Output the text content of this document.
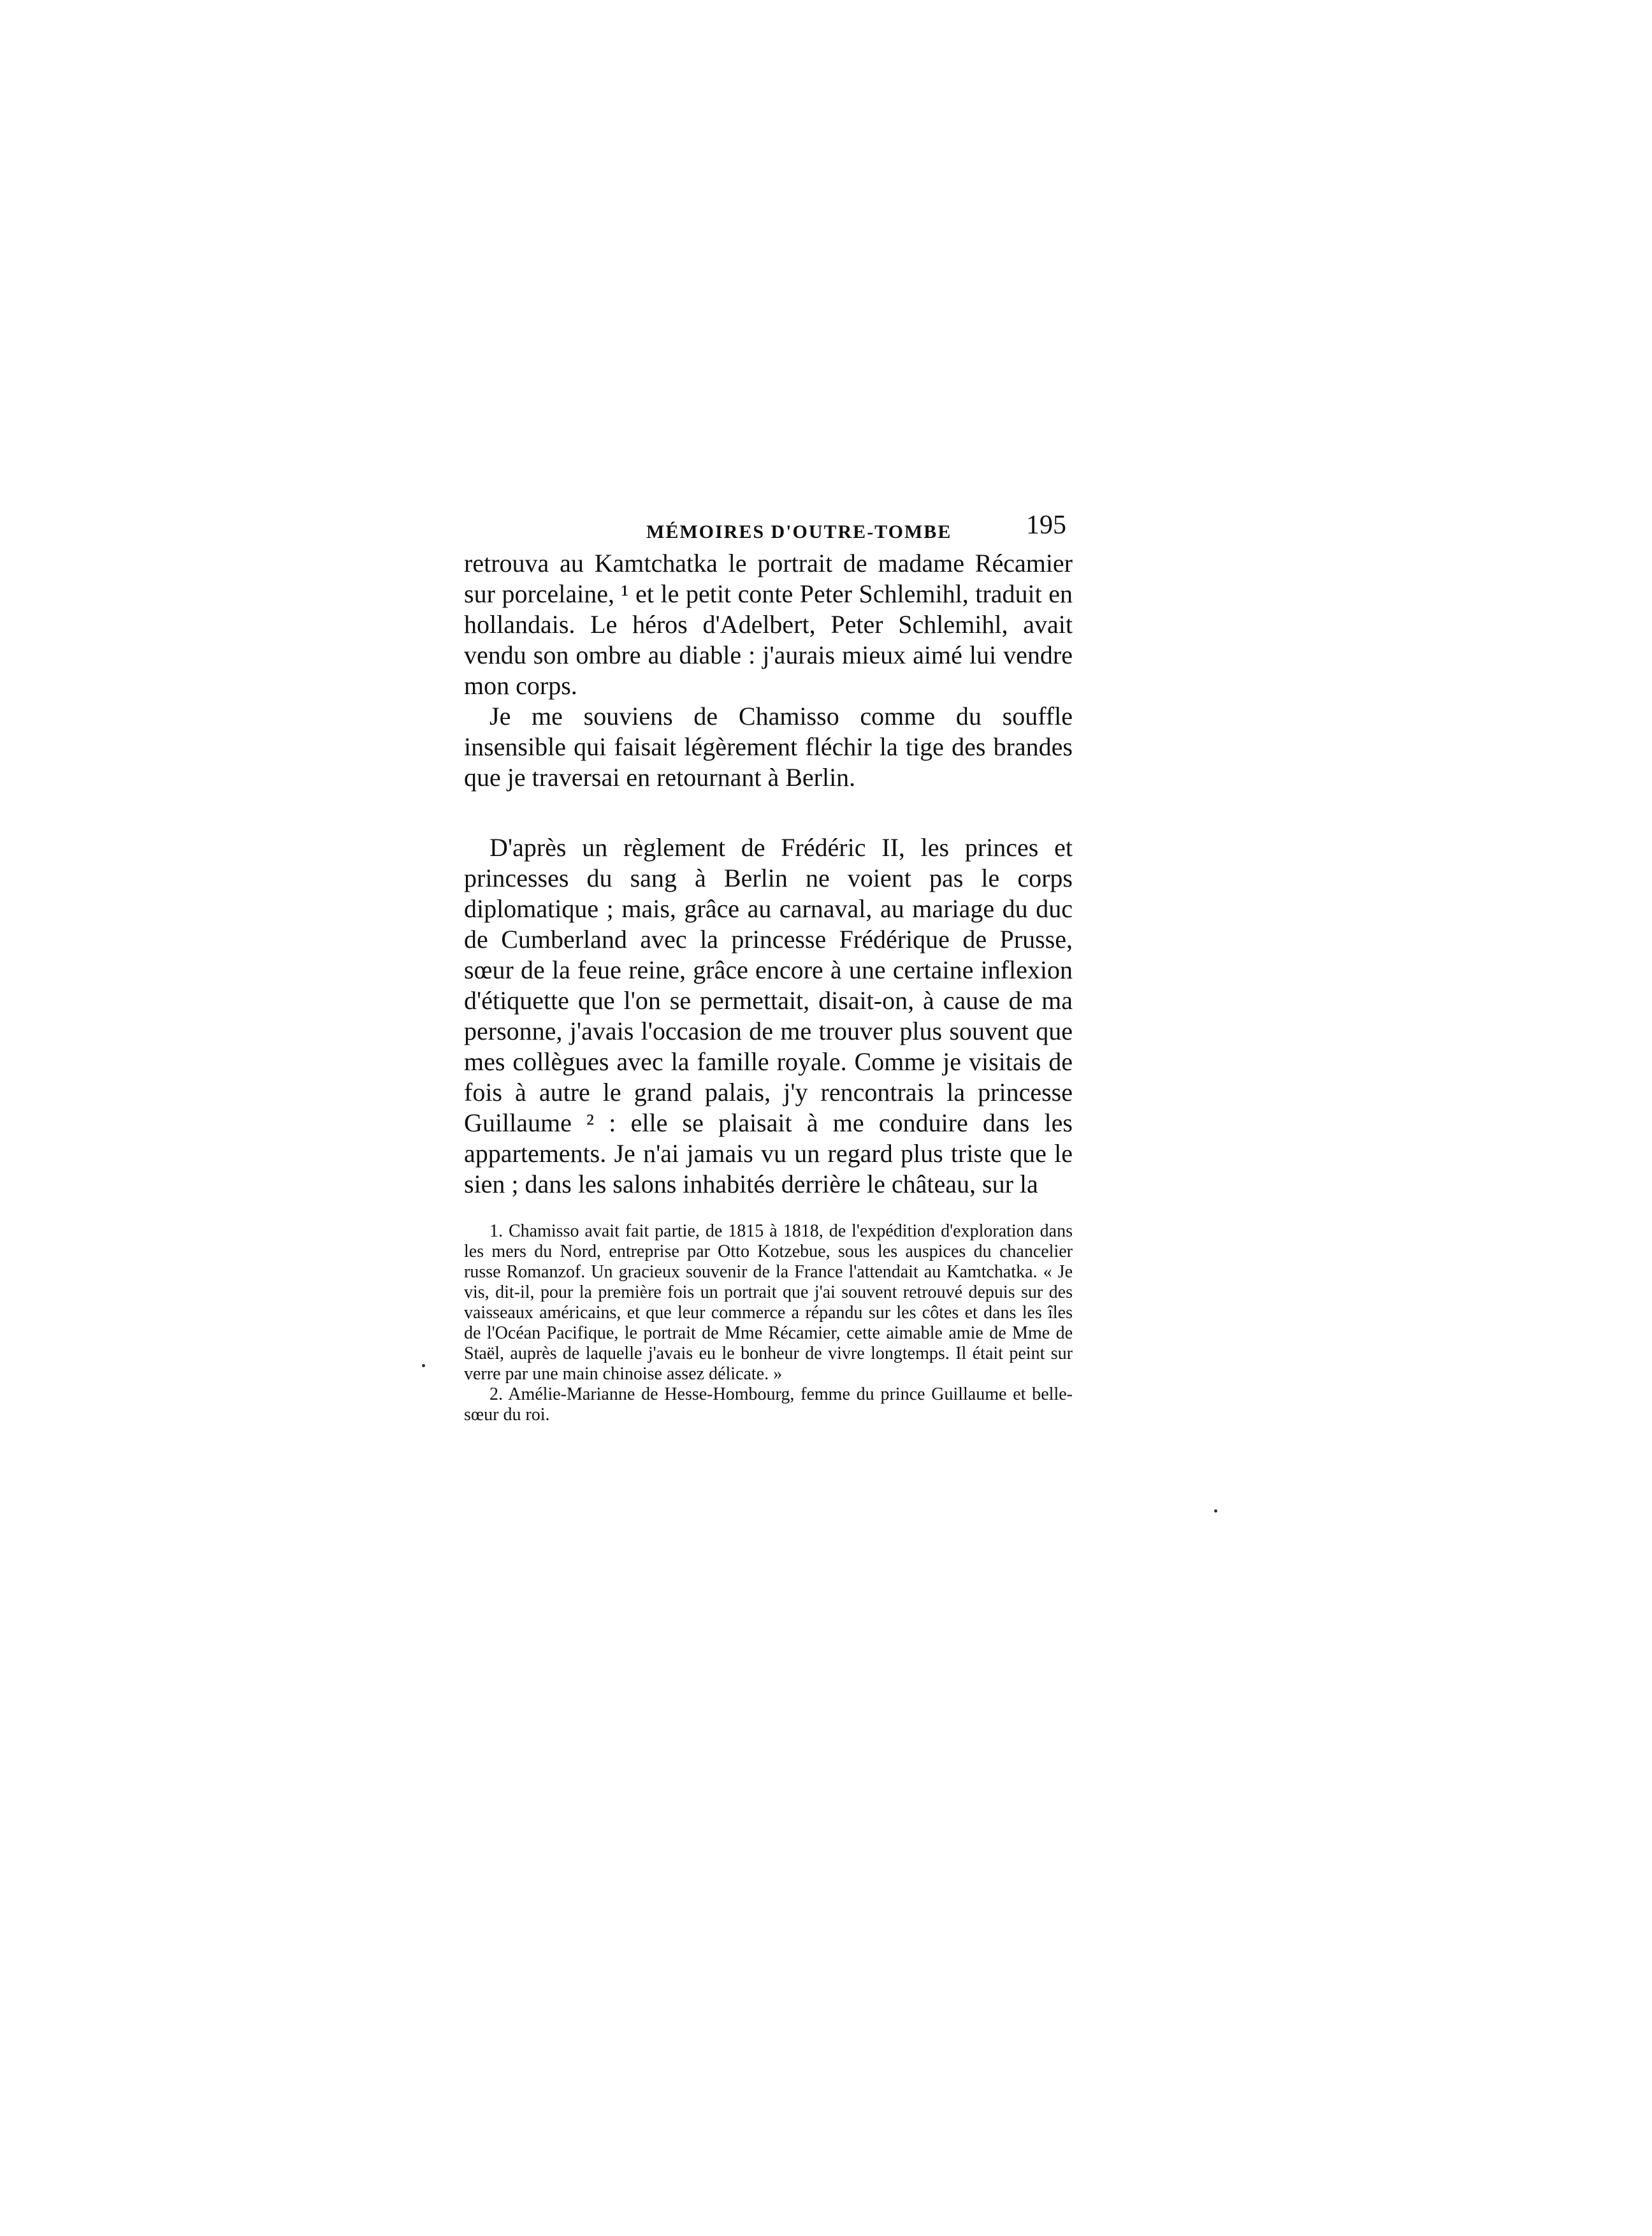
MÉMOIRES D'OUTRE-TOMBE	195

retrouva au Kamtchatka le portrait de madame Récamier sur porcelaine, ¹ et le petit conte Peter Schlemihl, traduit en hollandais. Le héros d'Adelbert, Peter Schlemihl, avait vendu son ombre au diable : j'aurais mieux aimé lui vendre mon corps.

Je me souviens de Chamisso comme du souffle insensible qui faisait légèrement fléchir la tige des brandes que je traversai en retournant à Berlin.

D'après un règlement de Frédéric II, les princes et princesses du sang à Berlin ne voient pas le corps diplomatique ; mais, grâce au carnaval, au mariage du duc de Cumberland avec la princesse Frédérique de Prusse, sœur de la feue reine, grâce encore à une certaine inflexion d'étiquette que l'on se permettait, disait-on, à cause de ma personne, j'avais l'occasion de me trouver plus souvent que mes collègues avec la famille royale. Comme je visitais de fois à autre le grand palais, j'y rencontrais la princesse Guillaume ² : elle se plaisait à me conduire dans les appartements. Je n'ai jamais vu un regard plus triste que le sien ; dans les salons inhabités derrière le château, sur la

1. Chamisso avait fait partie, de 1815 à 1818, de l'expédition d'exploration dans les mers du Nord, entreprise par Otto Kotzebue, sous les auspices du chancelier russe Romanzof. Un gracieux souvenir de la France l'attendait au Kamtchatka. « Je vis, dit-il, pour la première fois un portrait que j'ai souvent retrouvé depuis sur des vaisseaux américains, et que leur commerce a répandu sur les côtes et dans les îles de l'Océan Pacifique, le portrait de Mme Récamier, cette aimable amie de Mme de Staël, auprès de laquelle j'avais eu le bonheur de vivre longtemps. Il était peint sur verre par une main chinoise assez délicate. »

2. Amélie-Marianne de Hesse-Hombourg, femme du prince Guillaume et belle-sœur du roi.
